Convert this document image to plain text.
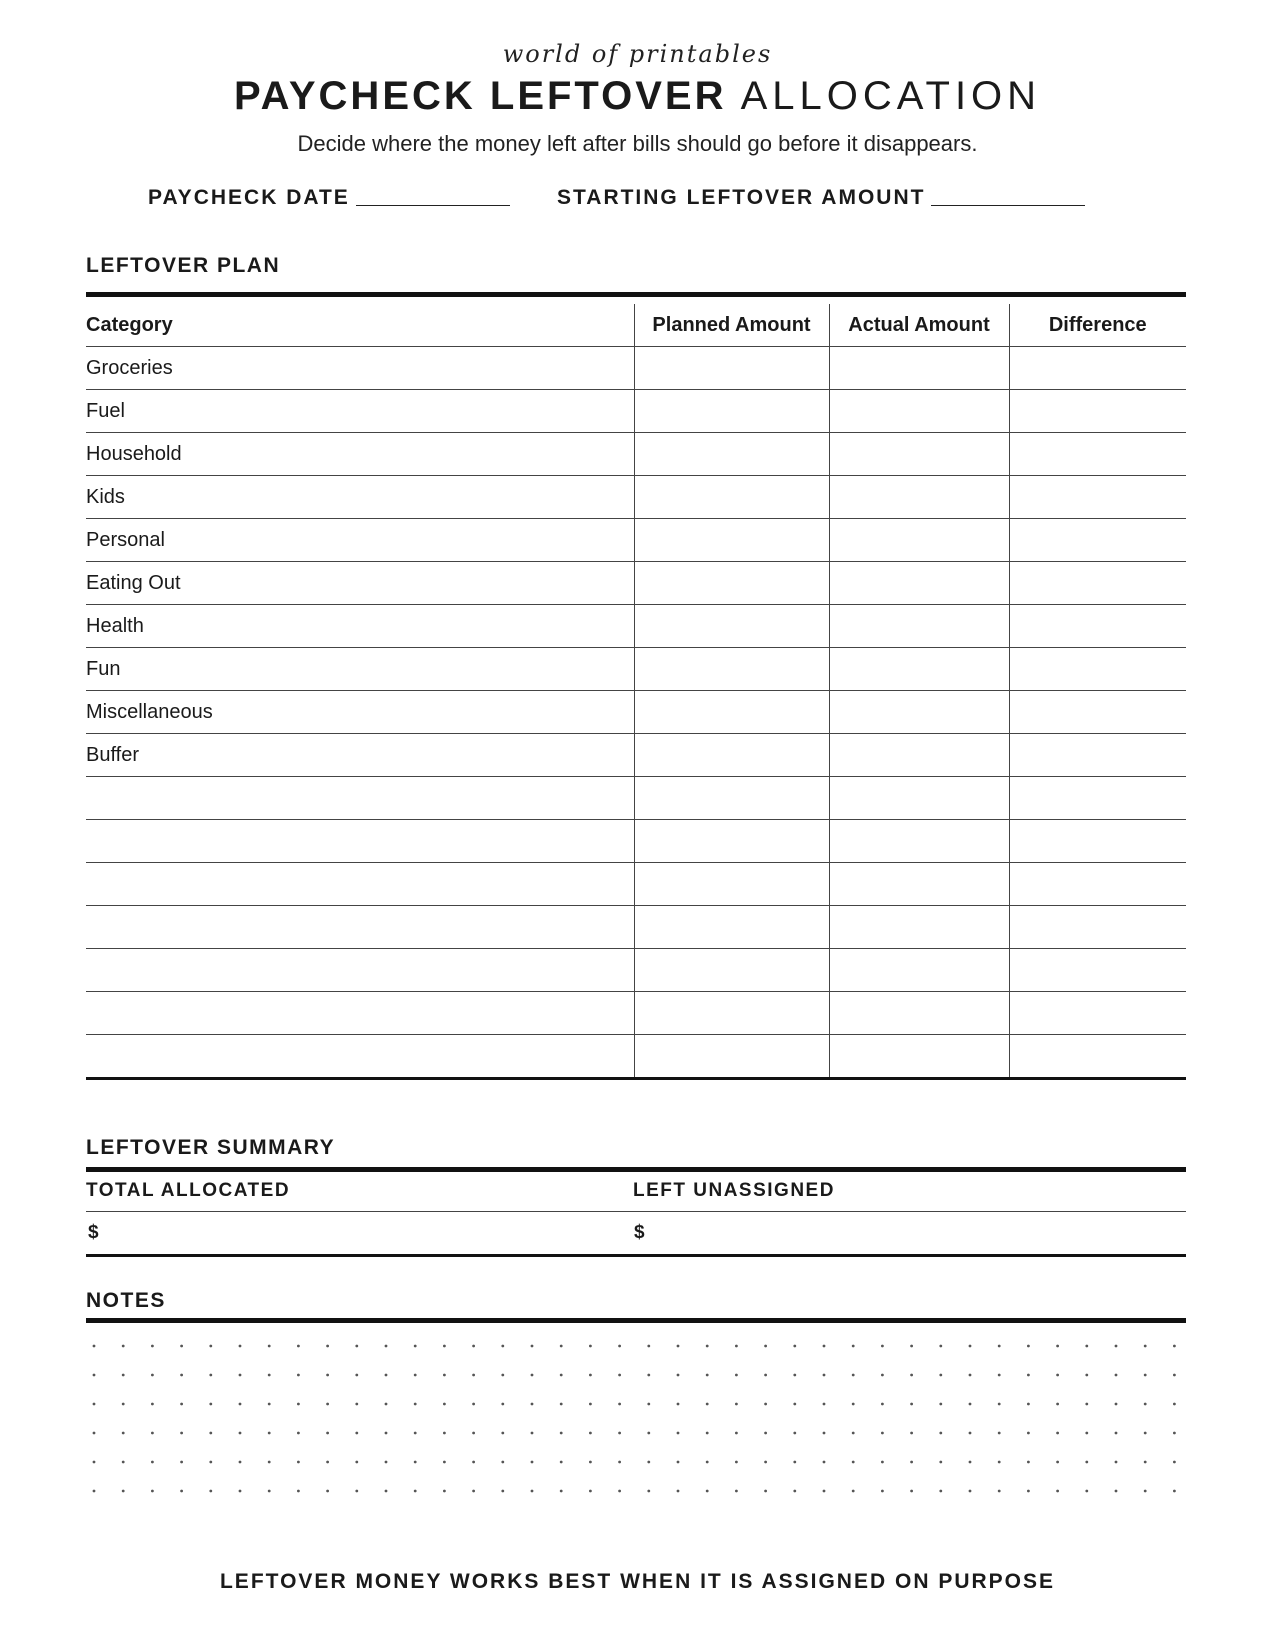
world of printables
PAYCHECK LEFTOVER ALLOCATION
Decide where the money left after bills should go before it disappears.
PAYCHECK DATE	STARTING LEFTOVER AMOUNT
LEFTOVER PLAN
Category	Planned Amount	Actual Amount	Difference
Groceries			
Fuel			
Household			
Kids			
Personal			
Eating Out			
Health			
Fun			
Miscellaneous			
Buffer			

LEFTOVER SUMMARY
TOTAL ALLOCATED	LEFT UNASSIGNED
$	$
NOTES
LEFTOVER MONEY WORKS BEST WHEN IT IS ASSIGNED ON PURPOSE
